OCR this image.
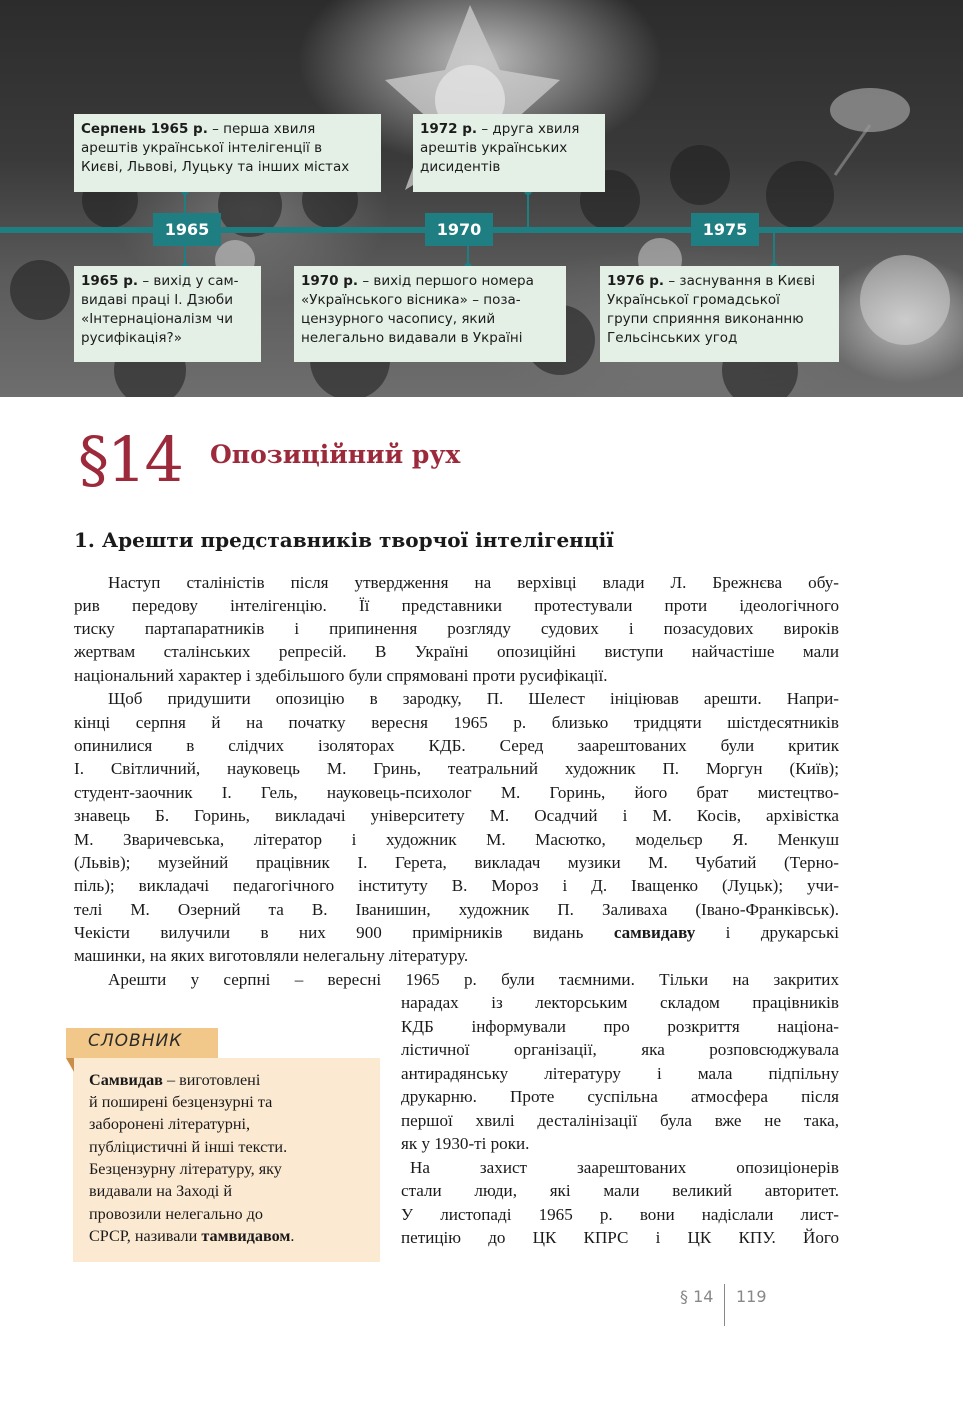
1965	1970	1975
Серпень 1965 р. – перша хвиля
арештів української інтелігенції в
Києві, Львові, Луцьку та інших містах
1972 р. – друга хвиля
арештів українських
дисидентів
1965 р. – вихід у сам-
видаві праці І. Дзюби
«Інтернаціоналізм чи
русифікація?»
1970 р. – вихід першого номера
«Українського вісника» – поза-
цензурного часопису, який
нелегально видавали в Україні
1976 р. – заснування в Києві
Української громадської
групи сприяння виконанню
Гельсінських угод
§14 Опозиційний рух
1. Арешти представників творчої інтелігенції
Наступ сталіністів після утвердження на верхівці влади Л. Брежнєва обу-
рив передову інтелігенцію. Її представники протестували проти ідеологічного
тиску партапаратників і припинення розгляду судових і позасудових вироків
жертвам сталінських репресій. В Україні опозиційні виступи найчастіше мали
національний характер і здебільшого були спрямовані проти русифікації.
Щоб придушити опозицію в зародку, П. Шелест ініціював арешти. Напри-
кінці серпня й на початку вересня 1965 р. близько тридцяти шістдесятників
опинилися в слідчих ізоляторах КДБ. Серед заарештованих були критик
І. Світличний, науковець М. Гринь, театральний художник П. Моргун (Київ);
студент-заочник І. Гель, науковець-психолог М. Горинь, його брат мистецтво-
знавець Б. Горинь, викладачі університету М. Осадчий і М. Косів, архівістка
М. Зваричевська, літератор і художник М. Масютко, модельєр Я. Менкуш
(Львів); музейний працівник І. Герета, викладач музики М. Чубатий (Терно-
піль); викладачі педагогічного інституту В. Мороз і Д. Іващенко (Луцьк); учи-
телі М. Озерний та В. Іванишин, художник П. Заливаха (Івано-Франківськ).
Чекісти вилучили в них 900 примірників видань самвидаву і друкарські
машинки, на яких виготовляли нелегальну літературу.
Арешти у серпні – вересні 1965 р. були таємними. Тільки на закритих
нарадах із лекторським складом працівників
КДБ інформували про розкриття націона-
лістичної організації, яка розповсюджувала
антирадянську літературу і мала підпільну
друкарню. Проте суспільна атмосфера після
першої хвилі десталінізації була вже не така,
як у 1930-ті роки.
На захист заарештованих опозиціонерів
стали люди, які мали великий авторитет.
У листопаді 1965 р. вони надіслали лист-
петицію до ЦК КПРС і ЦК КПУ. Його
СЛОВНИК
Самвидав – виготовлені
й поширені безцензурні та
заборонені літературні,
публіцистичні й інші тексти.
Безцензурну літературу, яку
видавали на Заході й
провозили нелегально до
СРСР, називали тамвидавом.
§ 14 119
